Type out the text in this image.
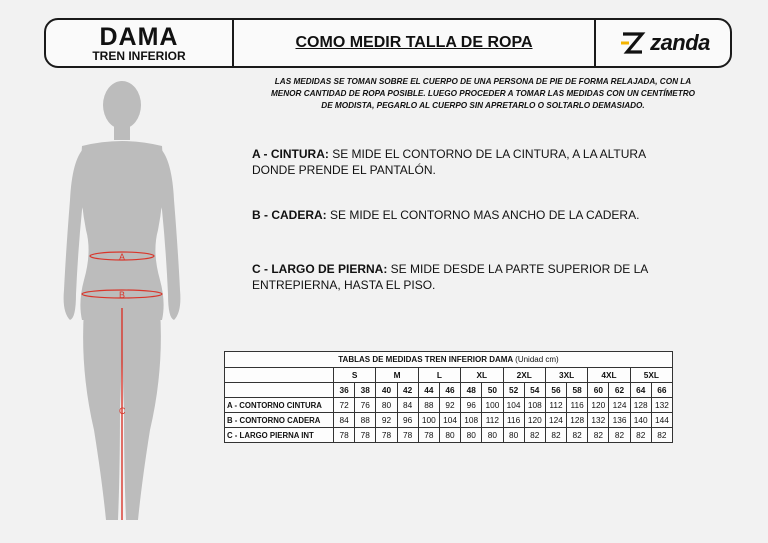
DAMA
TREN INFERIOR
COMO MEDIR TALLA DE ROPA	zanda

LAS MEDIDAS SE TOMAN SOBRE EL CUERPO DE UNA PERSONA DE PIE DE FORMA RELAJADA, CON LA

MENOR CANTIDAD DE ROPA POSIBLE. LUEGO PROCEDER A TOMAR LAS MEDIDAS CON UN CENTÍMETRO

DE MODISTA, PEGARLO AL CUERPO SIN APRETARLO O SOLTARLO DEMASIADO.

A - CINTURA: SE MIDE EL CONTORNO DE LA CINTURA, A LA ALTURA DONDE PRENDE EL PANTALÓN.
B - CADERA: SE MIDE EL CONTORNO MAS ANCHO DE LA CADERA.
C - LARGO DE PIERNA: SE MIDE DESDE LA PARTE SUPERIOR DE LA ENTREPIERNA, HASTA EL PISO.
A
B
C
TABLAS DE MEDIDAS TREN INFERIOR DAMA (Unidad cm)																
	S		M		L		XL		2XL		3XL		4XL		5XL	
	36	38	40	42	44	46	48	50	52	54	56	58	60	62	64	66
A - CONTORNO CINTURA	72	76	80	84	88	92	96	100	104	108	112	116	120	124	128	132
B - CONTORNO CADERA	84	88	92	96	100	104	108	112	116	120	124	128	132	136	140	144
C - LARGO PIERNA INT	78	78	78	78	78	80	80	80	80	82	82	82	82	82	82	82
